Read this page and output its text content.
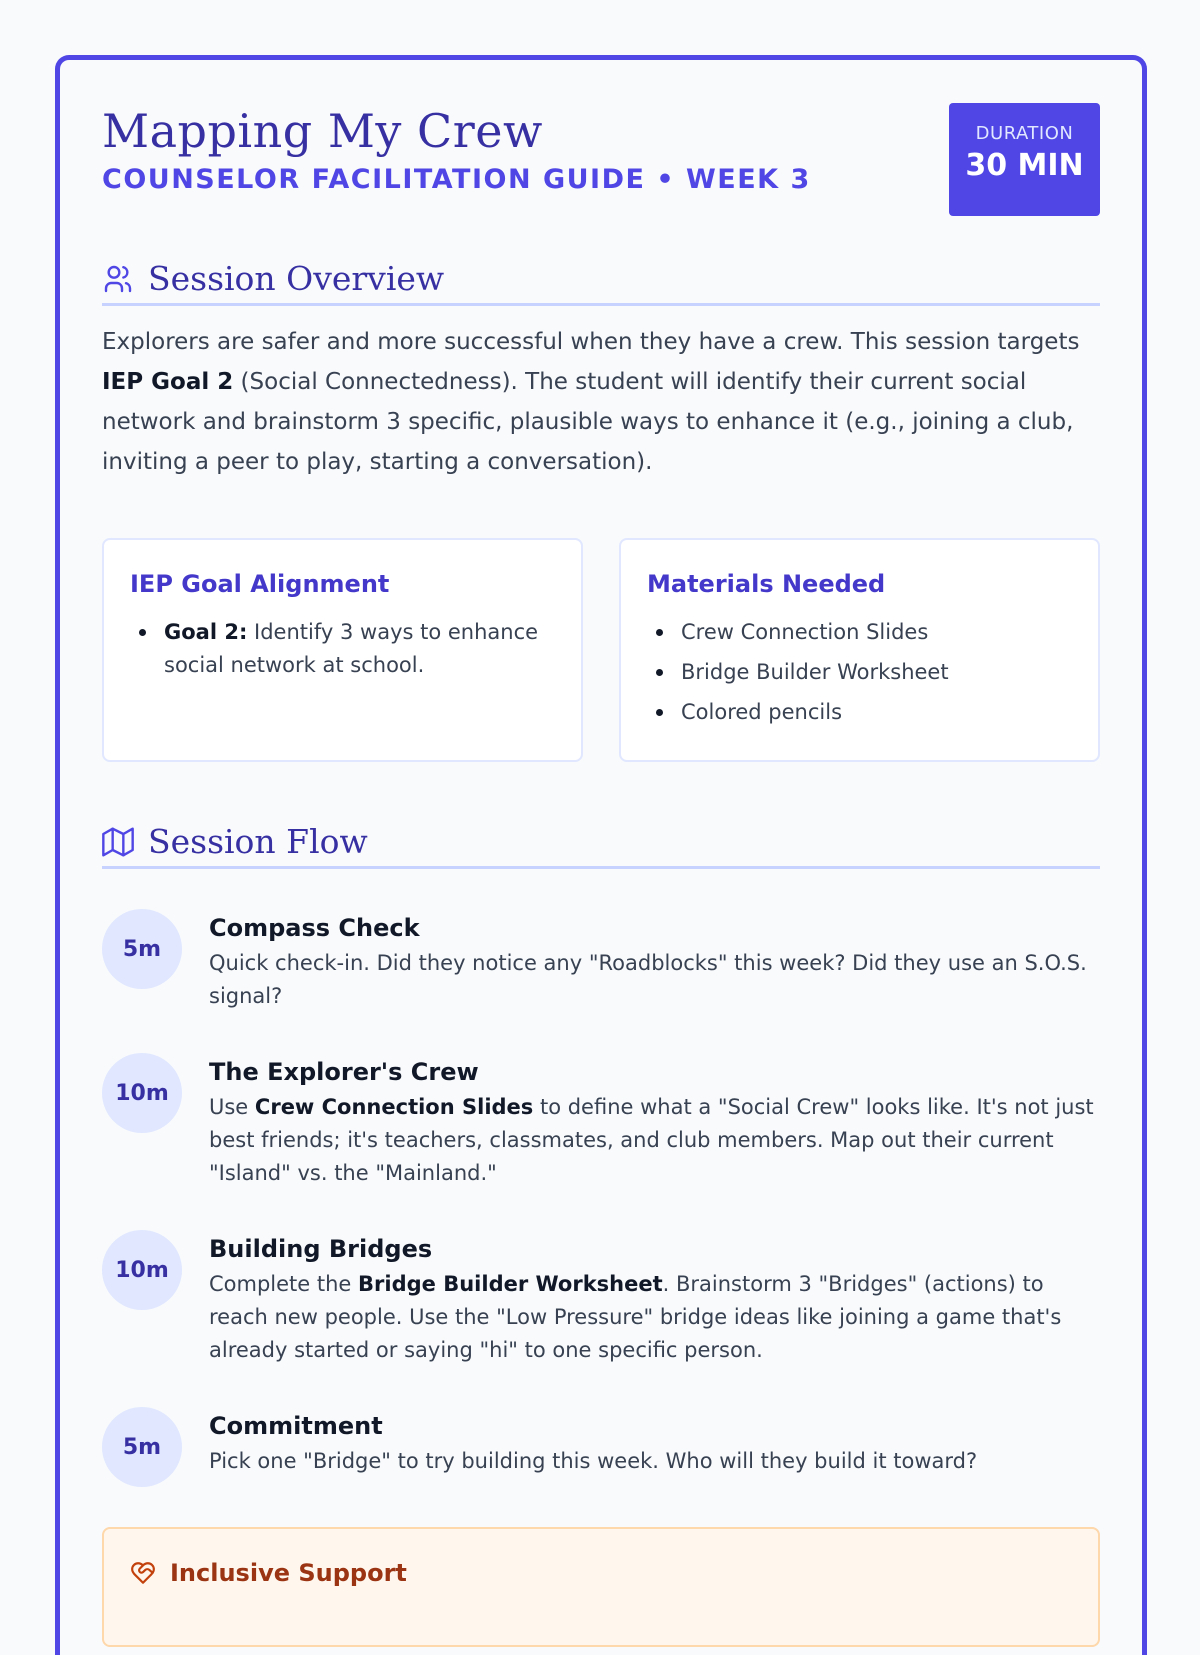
Mapping My Crew
COUNSELOR FACILITATION GUIDE • WEEK 3
DURATION
30 MIN
Session Overview

Explorers are safer and more successful when they have a crew. This session targets IEP Goal 2 (Social Connectedness). The student will identify their current social network and brainstorm 3 specific, plausible ways to enhance it (e.g., joining a club, inviting a peer to play, starting a conversation).

IEP Goal Alignment
Goal 2: Identify 3 ways to enhance social network at school.
Materials Needed
Crew Connection Slides
Bridge Builder Worksheet
Colored pencils
Session Flow
5m
Compass Check
Quick check-in. Did they notice any "Roadblocks" this week? Did they use an S.O.S. signal?
10m
The Explorer's Crew
Use Crew Connection Slides to define what a "Social Crew" looks like. It's not just best friends; it's teachers, classmates, and club members. Map out their current "Island" vs. the "Mainland."
10m
Building Bridges
Complete the Bridge Builder Worksheet. Brainstorm 3 "Bridges" (actions) to reach new people. Use the "Low Pressure" bridge ideas like joining a game that's already started or saying "hi" to one specific person.
5m
Commitment
Pick one "Bridge" to try building this week. Who will they build it toward?
Inclusive Support
